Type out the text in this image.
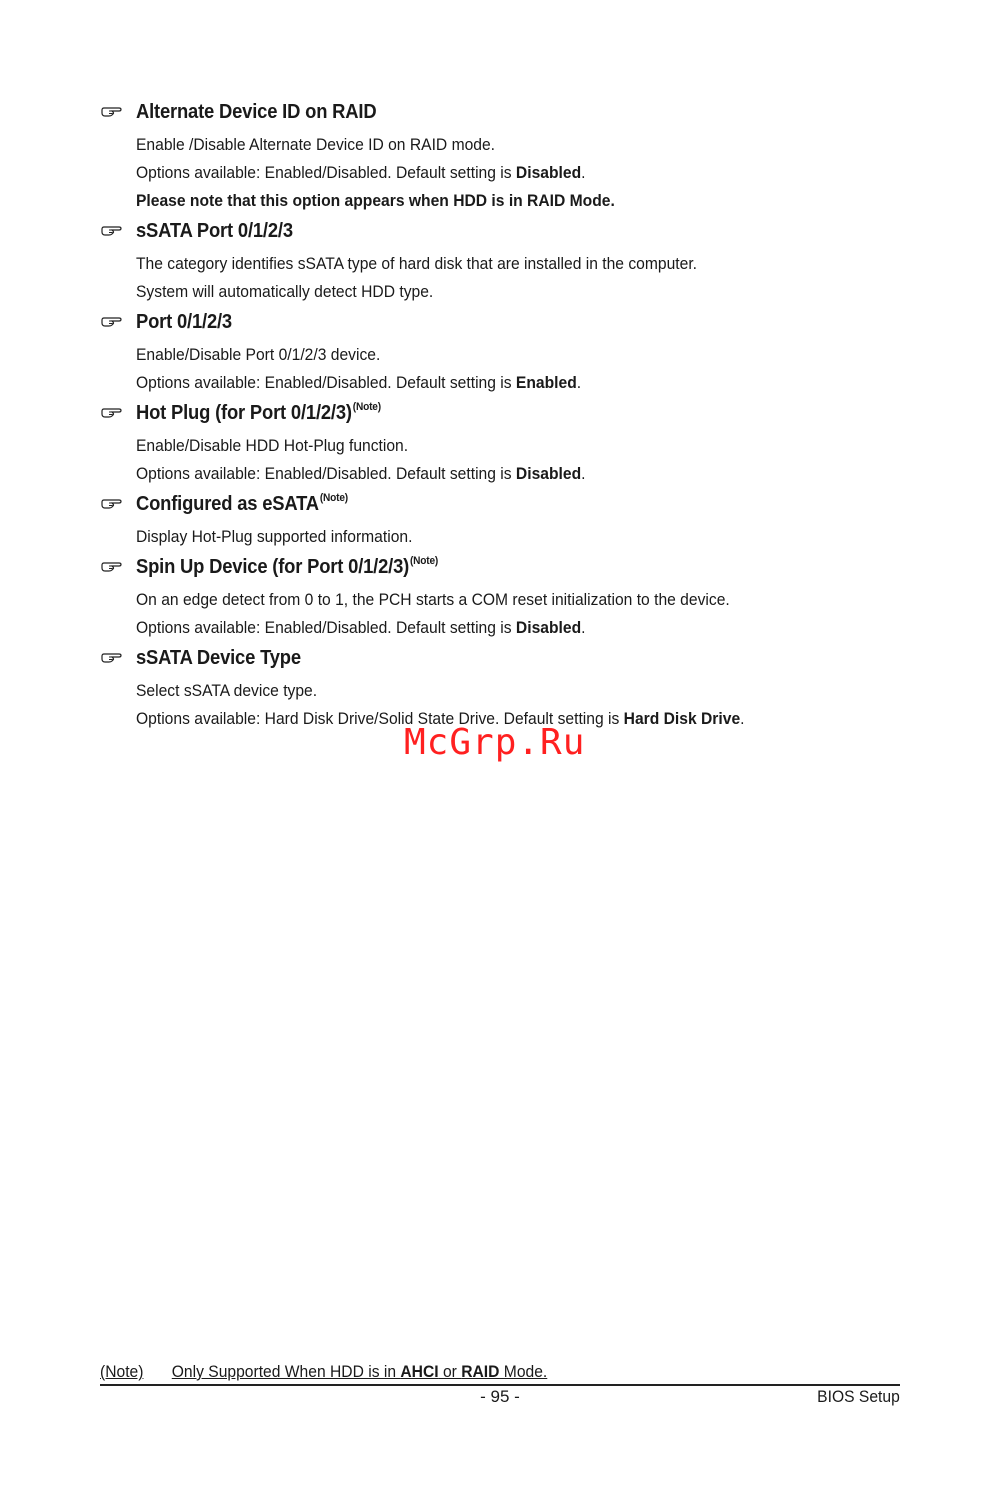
Alternate Device ID on RAID
Enable /Disable Alternate Device ID on RAID mode.
Options available: Enabled/Disabled. Default setting is Disabled.
Please note that this option appears when HDD is in RAID Mode.
sSATA Port 0/1/2/3
The category identifies sSATA type of hard disk that are installed in the computer.
System will automatically detect HDD type.
Port 0/1/2/3
Enable/Disable Port 0/1/2/3 device.
Options available: Enabled/Disabled. Default setting is Enabled.
Hot Plug (for Port 0/1/2/3)$^{(Note)}$
Enable/Disable HDD Hot-Plug function.
Options available: Enabled/Disabled. Default setting is Disabled.
Configured as eSATA$^{(Note)}$
Display Hot-Plug supported information.
Spin Up Device (for Port 0/1/2/3)$^{(Note)}$
On an edge detect from 0 to 1, the PCH starts a COM reset initialization to the device.
Options available: Enabled/Disabled. Default setting is Disabled.
sSATA Device Type
Select sSATA device type.
Options available: Hard Disk Drive/Solid State Drive. Default setting is Hard Disk Drive.
McGrp.Ru
(Note) Only Supported When HDD is in AHCI or RAID Mode.
- 95 -	BIOS Setup
